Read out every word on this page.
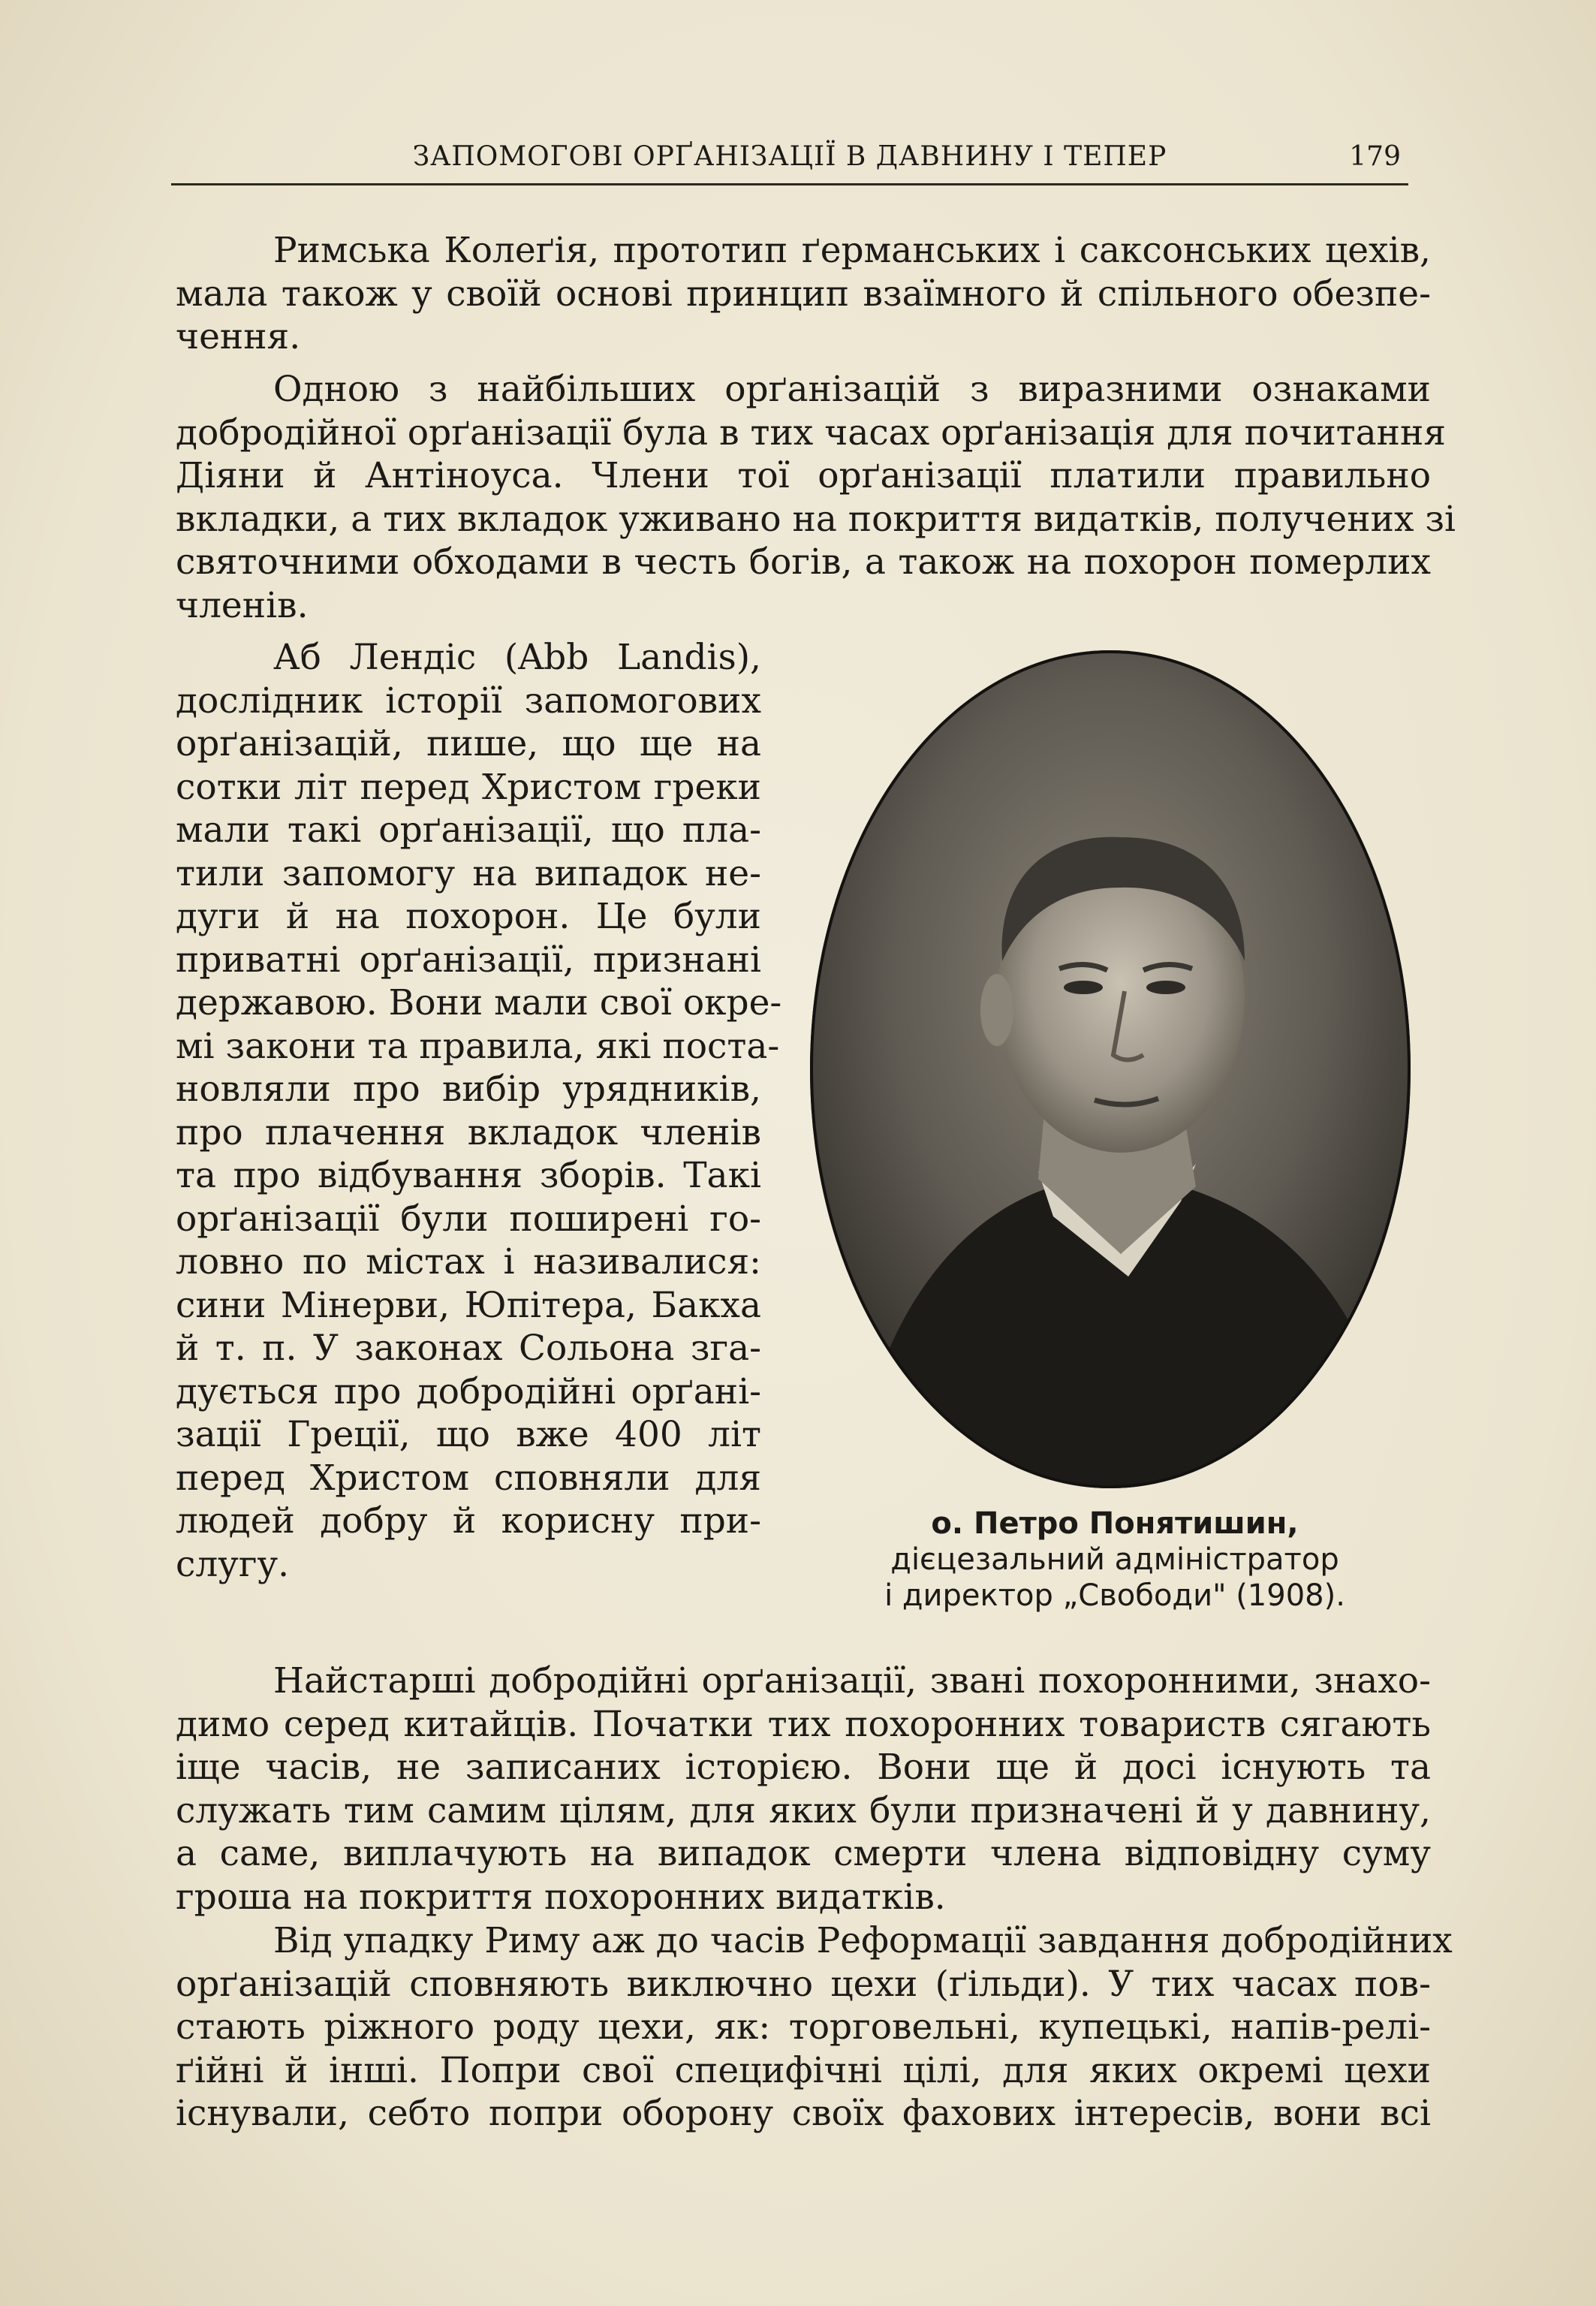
ЗАПОМОГОВІ ОРҐАНІЗАЦІЇ В ДАВНИНУ І ТЕПЕР	179
Римська Колеґія, прототип ґерманських і саксонських цехів,
мала також у своїй основі принцип взаїмного й спільного обезпе-
чення.
Одною з найбільших орґанізацій з виразними ознаками
добродійної орґанізації була в тих часах орґанізація для почитання
Діяни й Антіноуса. Члени тої орґанізації платили правильно
вкладки, а тих вкладок уживано на покриття видатків, получених зі
святочними обходами в честь богів, а також на похорон померлих
членів.
Аб Лендіс (Abb Landis),
дослідник історії запомогових
орґанізацій, пише, що ще на
сотки літ перед Христом греки
мали такі орґанізації, що пла-
тили запомогу на випадок не-
дуги й на похорон. Це були
приватні орґанізації, признані
державою. Вони мали свої окре-
мі закони та правила, які поста-
новляли про вибір урядників,
про плачення вкладок членів
та про відбування зборів. Такі
орґанізації були поширені го-
ловно по містах і називалися:
сини Мінерви, Юпітера, Бакха
й т. п. У законах Сольона зга-
дується про добродійні орґані-
зації Греції, що вже 400 літ
перед Христом сповняли для
людей добру й корисну при-
слугу.
о. Петро Понятишин,
дієцезальний адміністратор
і директор „Свободи" (1908).
Найстарші добродійні орґанізації, звані похоронними, знахо-
димо серед китайців. Початки тих похоронних товариств сягають
іще часів, не записаних історією. Вони ще й досі існують та
служать тим самим цілям, для яких були призначені й у давнину,
а саме, виплачують на випадок смерти члена відповідну суму
гроша на покриття похоронних видатків.
Від упадку Риму аж до часів Реформації завдання добродійних
орґанізацій сповняють виключно цехи (ґільди). У тих часах пов-
стають ріжного роду цехи, як: торговельні, купецькі, напів-релі-
ґійні й інші. Попри свої специфічні цілі, для яких окремі цехи
існували, себто попри оборону своїх фахових інтересів, вони всі
